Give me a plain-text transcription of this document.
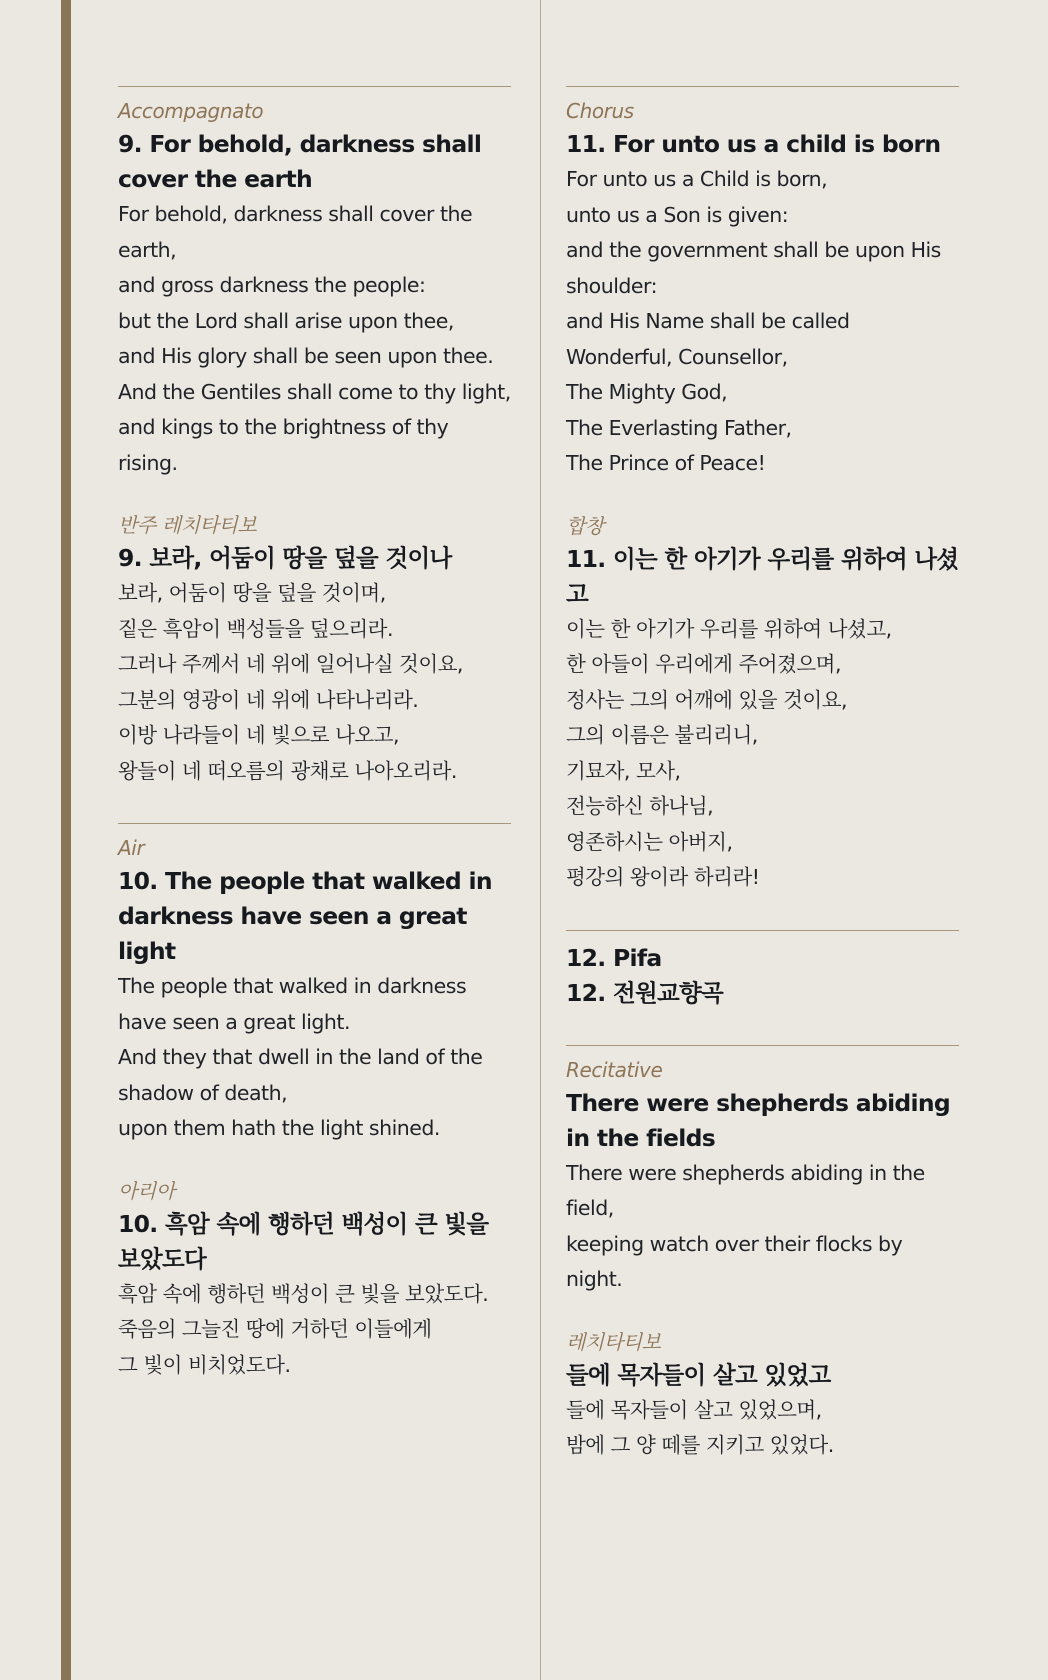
Accompagnato
9. For behold, darkness shall cover the earth
For behold, darkness shall cover the earth,
and gross darkness the people:
but the Lord shall arise upon thee,
and His glory shall be seen upon thee.
And the Gentiles shall come to thy light,
and kings to the brightness of thy rising.
반주 레치타티보
9. 보라, 어둠이 땅을 덮을 것이나
보라, 어둠이 땅을 덮을 것이며,
짙은 흑암이 백성들을 덮으리라.
그러나 주께서 네 위에 일어나실 것이요,
그분의 영광이 네 위에 나타나리라.
이방 나라들이 네 빛으로 나오고,
왕들이 네 떠오름의 광채로 나아오리라.
Air
10. The people that walked in darkness have seen a great light
The people that walked in darkness have seen a great light.
And they that dwell in the land of the shadow of death,
upon them hath the light shined.
아리아
10. 흑암 속에 행하던 백성이 큰 빛을 보았도다
흑암 속에 행하던 백성이 큰 빛을 보았도다.
죽음의 그늘진 땅에 거하던 이들에게
그 빛이 비치었도다.
Chorus
11. For unto us a child is born
For unto us a Child is born,
unto us a Son is given:
and the government shall be upon His shoulder:
and His Name shall be called
Wonderful, Counsellor,
The Mighty God,
The Everlasting Father,
The Prince of Peace!
합창
11. 이는 한 아기가 우리를 위하여 나셨고
이는 한 아기가 우리를 위하여 나셨고,
한 아들이 우리에게 주어졌으며,
정사는 그의 어깨에 있을 것이요,
그의 이름은 불리리니,
기묘자, 모사,
전능하신 하나님,
영존하시는 아버지,
평강의 왕이라 하리라!
12. Pifa
12. 전원교향곡
Recitative
There were shepherds abiding in the fields
There were shepherds abiding in the field,
keeping watch over their flocks by night.
레치타티보
들에 목자들이 살고 있었고
들에 목자들이 살고 있었으며,
밤에 그 양 떼를 지키고 있었다.
